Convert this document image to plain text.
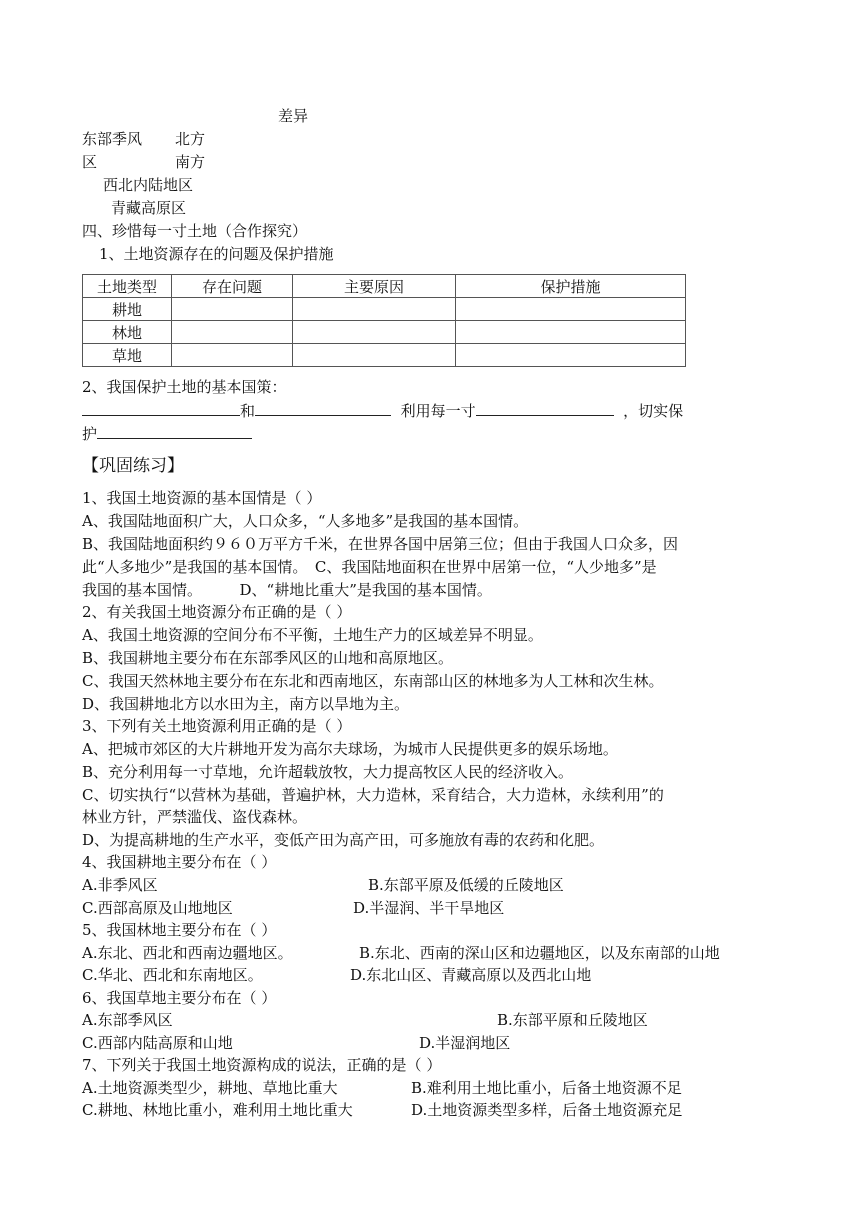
差异
东部季风 北方
区	南方
西北内陆地区
青藏高原区
四、珍惜每一寸土地（合作探究）
1、土地资源存在的问题及保护措施
土地类型	存在问题	主要原因	保护措施
耕地			
林地			
草地			
2、我国保护土地的基本国策：
和	利用每一寸	，切实保
护
【巩固练习】
1、我国土地资源的基本国情是（ ）
A、我国陆地面积广大，人口众多，“人多地多”是我国的基本国情。
B、我国陆地面积约９６０万平方千米，在世界各国中居第三位；但由于我国人口众多，因
此“人多地少”是我国的基本国情。　C、我国陆地面积在世界中居第一位，“人少地多”是
我国的基本国情。　　　D、“耕地比重大”是我国的基本国情。
2、有关我国土地资源分布正确的是（ ）
A、我国土地资源的空间分布不平衡，土地生产力的区域差异不明显。
B、我国耕地主要分布在东部季风区的山地和高原地区。
C、我国天然林地主要分布在东北和西南地区，东南部山区的林地多为人工林和次生林。
D、我国耕地北方以水田为主，南方以旱地为主。
3、下列有关土地资源利用正确的是（ ）
A、把城市郊区的大片耕地开发为高尔夫球场，为城市人民提供更多的娱乐场地。
B、充分利用每一寸草地，允许超载放牧，大力提高牧区人民的经济收入。
C、切实执行“以营林为基础，普遍护林，大力造林，采育结合，大力造林，永续利用”的
林业方针，严禁滥伐、盗伐森林。
D、为提高耕地的生产水平，变低产田为高产田，可多施放有毒的农药和化肥。
4、我国耕地主要分布在（ ）
A.非季风区	B.东部平原及低缓的丘陵地区
C.西部高原及山地地区	D.半湿润、半干旱地区
5、我国林地主要分布在（ ）
A.东北、西北和西南边疆地区。	B.东北、西南的深山区和边疆地区，以及东南部的山地
C.华北、西北和东南地区。	D.东北山区、青藏高原以及西北山地
6、我国草地主要分布在（ ）
A.东部季风区	B.东部平原和丘陵地区
C.西部内陆高原和山地	D.半湿润地区
7、下列关于我国土地资源构成的说法，正确的是（ ）
A.土地资源类型少，耕地、草地比重大	B.难利用土地比重小，后备土地资源不足
C.耕地、林地比重小，难利用土地比重大	D.土地资源类型多样，后备土地资源充足
